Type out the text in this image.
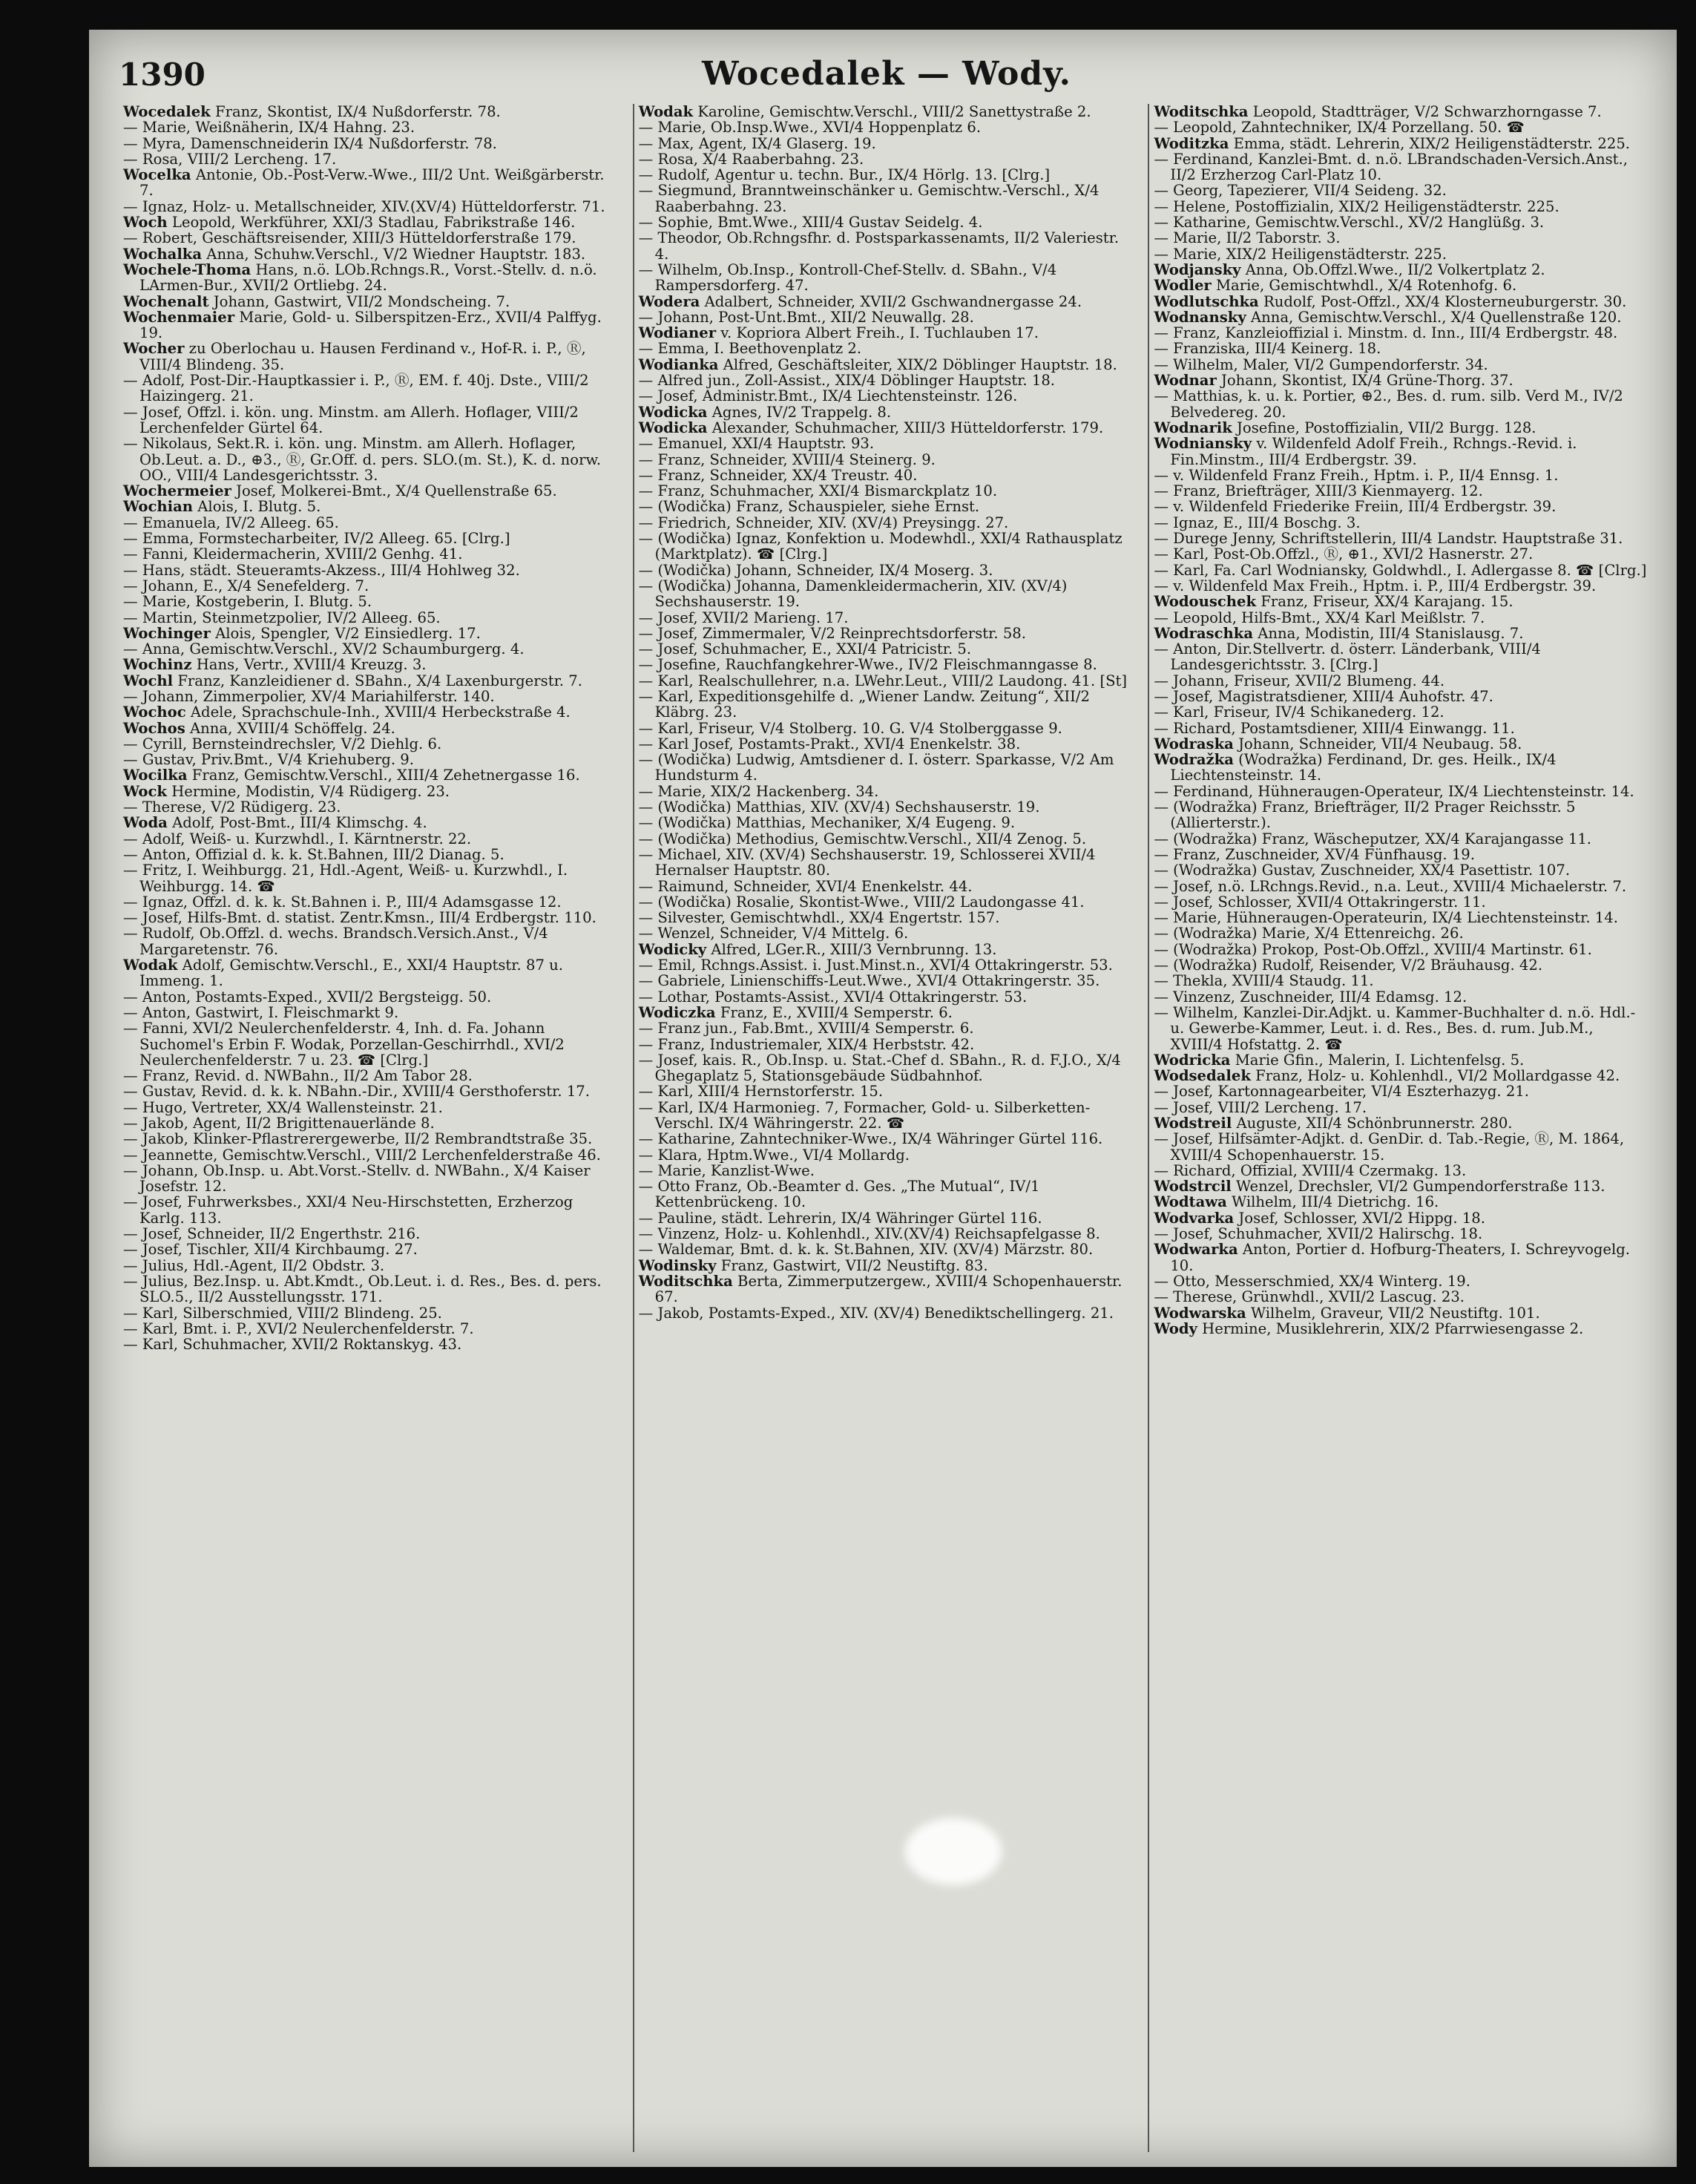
1390	Wocedalek — Wody.
Wocedalek Franz, Skontist, IX/4 Nußdorferstr. 78.
— Marie, Weißnäherin, IX/4 Hahng. 23.
— Myra, Damenschneiderin IX/4 Nußdorferstr. 78.
— Rosa, VIII/2 Lercheng. 17.
Wocelka Antonie, Ob.-Post-Verw.-Wwe., III/2 Unt. Weißgärberstr. 7.
— Ignaz, Holz- u. Metallschneider, XIV.(XV/4) Hütteldorferstr. 71.
Woch Leopold, Werkführer, XXI/3 Stadlau, Fabrikstraße 146.
— Robert, Geschäftsreisender, XIII/3 Hütteldorferstraße 179.
Wochalka Anna, Schuhw.Verschl., V/2 Wiedner Hauptstr. 183.
Wochele-Thoma Hans, n.ö. LOb.Rchngs.R., Vorst.-Stellv. d. n.ö. LArmen-Bur., XVII/2 Ortliebg. 24.
Wochenalt Johann, Gastwirt, VII/2 Mondscheing. 7.
Wochenmaier Marie, Gold- u. Silberspitzen-Erz., XVII/4 Palffyg. 19.
Wocher zu Oberlochau u. Hausen Ferdinand v., Hof-R. i. P., Ⓡ, VIII/4 Blindeng. 35.
— Adolf, Post-Dir.-Hauptkassier i. P., Ⓡ, EM. f. 40j. Dste., VIII/2 Haizingerg. 21.
— Josef, Offzl. i. kön. ung. Minstm. am Allerh. Hoflager, VIII/2 Lerchenfelder Gürtel 64.
— Nikolaus, Sekt.R. i. kön. ung. Minstm. am Allerh. Hoflager, Ob.Leut. a. D., ⊕3., Ⓡ, Gr.Off. d. pers. SLO.(m. St.), K. d. norw. OO., VIII/4 Landesgerichtsstr. 3.
Wochermeier Josef, Molkerei-Bmt., X/4 Quellenstraße 65.
Wochian Alois, I. Blutg. 5.
— Emanuela, IV/2 Alleeg. 65.
— Emma, Formstecharbeiter, IV/2 Alleeg. 65. [Clrg.]
— Fanni, Kleidermacherin, XVIII/2 Genhg. 41.
— Hans, städt. Steueramts-Akzess., III/4 Hohlweg 32.
— Johann, E., X/4 Senefelderg. 7.
— Marie, Kostgeberin, I. Blutg. 5.
— Martin, Steinmetzpolier, IV/2 Alleeg. 65.
Wochinger Alois, Spengler, V/2 Einsiedlerg. 17.
— Anna, Gemischtw.Verschl., XV/2 Schaumburgerg. 4.
Wochinz Hans, Vertr., XVIII/4 Kreuzg. 3.
Wochl Franz, Kanzleidiener d. SBahn., X/4 Laxenburgerstr. 7.
— Johann, Zimmerpolier, XV/4 Mariahilferstr. 140.
Wochoc Adele, Sprachschule-Inh., XVIII/4 Herbeckstraße 4.
Wochos Anna, XVIII/4 Schöffelg. 24.
— Cyrill, Bernsteindrechsler, V/2 Diehlg. 6.
— Gustav, Priv.Bmt., V/4 Kriehuberg. 9.
Wocilka Franz, Gemischtw.Verschl., XIII/4 Zehetnergasse 16.
Wock Hermine, Modistin, V/4 Rüdigerg. 23.
— Therese, V/2 Rüdigerg. 23.
Woda Adolf, Post-Bmt., III/4 Klimschg. 4.
— Adolf, Weiß- u. Kurzwhdl., I. Kärntnerstr. 22.
— Anton, Offizial d. k. k. St.Bahnen, III/2 Dianag. 5.
— Fritz, I. Weihburgg. 21, Hdl.-Agent, Weiß- u. Kurzwhdl., I. Weihburgg. 14. ☎
— Ignaz, Offzl. d. k. k. St.Bahnen i. P., III/4 Adamsgasse 12.
— Josef, Hilfs-Bmt. d. statist. Zentr.Kmsn., III/4 Erdbergstr. 110.
— Rudolf, Ob.Offzl. d. wechs. Brandsch.Versich.Anst., V/4 Margaretenstr. 76.
Wodak Adolf, Gemischtw.Verschl., E., XXI/4 Hauptstr. 87 u. Immeng. 1.
— Anton, Postamts-Exped., XVII/2 Bergsteigg. 50.
— Anton, Gastwirt, I. Fleischmarkt 9.
— Fanni, XVI/2 Neulerchenfelderstr. 4, Inh. d. Fa. Johann Suchomel's Erbin F. Wodak, Porzellan-Geschirrhdl., XVI/2 Neulerchenfelderstr. 7 u. 23. ☎ [Clrg.]
— Franz, Revid. d. NWBahn., II/2 Am Tabor 28.
— Gustav, Revid. d. k. k. NBahn.-Dir., XVIII/4 Gersthoferstr. 17.
— Hugo, Vertreter, XX/4 Wallensteinstr. 21.
— Jakob, Agent, II/2 Brigittenauerlände 8.
— Jakob, Klinker-Pflastrerergewerbe, II/2 Rembrandtstraße 35.
— Jeannette, Gemischtw.Verschl., VIII/2 Lerchenfelderstraße 46.
— Johann, Ob.Insp. u. Abt.Vorst.-Stellv. d. NWBahn., X/4 Kaiser Josefstr. 12.
— Josef, Fuhrwerksbes., XXI/4 Neu-Hirschstetten, Erzherzog Karlg. 113.
— Josef, Schneider, II/2 Engerthstr. 216.
— Josef, Tischler, XII/4 Kirchbaumg. 27.
— Julius, Hdl.-Agent, II/2 Obdstr. 3.
— Julius, Bez.Insp. u. Abt.Kmdt., Ob.Leut. i. d. Res., Bes. d. pers. SLO.5., II/2 Ausstellungsstr. 171.
— Karl, Silberschmied, VIII/2 Blindeng. 25.
— Karl, Bmt. i. P., XVI/2 Neulerchenfelderstr. 7.
— Karl, Schuhmacher, XVII/2 Roktanskyg. 43.
Wodak Karoline, Gemischtw.Verschl., VIII/2 Sanettystraße 2.
— Marie, Ob.Insp.Wwe., XVI/4 Hoppenplatz 6.
— Max, Agent, IX/4 Glaserg. 19.
— Rosa, X/4 Raaberbahng. 23.
— Rudolf, Agentur u. techn. Bur., IX/4 Hörlg. 13. [Clrg.]
— Siegmund, Branntweinschänker u. Gemischtw.-Verschl., X/4 Raaberbahng. 23.
— Sophie, Bmt.Wwe., XIII/4 Gustav Seidelg. 4.
— Theodor, Ob.Rchngsfhr. d. Postsparkassenamts, II/2 Valeriestr. 4.
— Wilhelm, Ob.Insp., Kontroll-Chef-Stellv. d. SBahn., V/4 Rampersdorferg. 47.
Wodera Adalbert, Schneider, XVII/2 Gschwandnergasse 24.
— Johann, Post-Unt.Bmt., XII/2 Neuwallg. 28.
Wodianer v. Kopriora Albert Freih., I. Tuchlauben 17.
— Emma, I. Beethovenplatz 2.
Wodianka Alfred, Geschäftsleiter, XIX/2 Döblinger Hauptstr. 18.
— Alfred jun., Zoll-Assist., XIX/4 Döblinger Hauptstr. 18.
— Josef, Administr.Bmt., IX/4 Liechtensteinstr. 126.
Wodicka Agnes, IV/2 Trappelg. 8.
Wodicka Alexander, Schuhmacher, XIII/3 Hütteldorferstr. 179.
— Emanuel, XXI/4 Hauptstr. 93.
— Franz, Schneider, XVIII/4 Steinerg. 9.
— Franz, Schneider, XX/4 Treustr. 40.
— Franz, Schuhmacher, XXI/4 Bismarckplatz 10.
— (Wodička) Franz, Schauspieler, siehe Ernst.
— Friedrich, Schneider, XIV. (XV/4) Preysingg. 27.
— (Wodička) Ignaz, Konfektion u. Modewhdl., XXI/4 Rathausplatz (Marktplatz). ☎ [Clrg.]
— (Wodička) Johann, Schneider, IX/4 Moserg. 3.
— (Wodička) Johanna, Damenkleidermacherin, XIV. (XV/4) Sechshauserstr. 19.
— Josef, XVII/2 Marieng. 17.
— Josef, Zimmermaler, V/2 Reinprechtsdorferstr. 58.
— Josef, Schuhmacher, E., XXI/4 Patricistr. 5.
— Josefine, Rauchfangkehrer-Wwe., IV/2 Fleischmanngasse 8.
— Karl, Realschullehrer, n.a. LWehr.Leut., VIII/2 Laudong. 41. [St]
— Karl, Expeditionsgehilfe d. „Wiener Landw. Zeitung“, XII/2 Kläbrg. 23.
— Karl, Friseur, V/4 Stolberg. 10. G. V/4 Stolberggasse 9.
— Karl Josef, Postamts-Prakt., XVI/4 Enenkelstr. 38.
— (Wodička) Ludwig, Amtsdiener d. I. österr. Sparkasse, V/2 Am Hundsturm 4.
— Marie, XIX/2 Hackenberg. 34.
— (Wodička) Matthias, XIV. (XV/4) Sechshauserstr. 19.
— (Wodička) Matthias, Mechaniker, X/4 Eugeng. 9.
— (Wodička) Methodius, Gemischtw.Verschl., XII/4 Zenog. 5.
— Michael, XIV. (XV/4) Sechshauserstr. 19, Schlosserei XVII/4 Hernalser Hauptstr. 80.
— Raimund, Schneider, XVI/4 Enenkelstr. 44.
— (Wodička) Rosalie, Skontist-Wwe., VIII/2 Laudongasse 41.
— Silvester, Gemischtwhdl., XX/4 Engertstr. 157.
— Wenzel, Schneider, V/4 Mittelg. 6.
Wodicky Alfred, LGer.R., XIII/3 Vernbrunng. 13.
— Emil, Rchngs.Assist. i. Just.Minst.n., XVI/4 Ottakringerstr. 53.
— Gabriele, Linienschiffs-Leut.Wwe., XVI/4 Ottakringerstr. 35.
— Lothar, Postamts-Assist., XVI/4 Ottakringerstr. 53.
Wodiczka Franz, E., XVIII/4 Semperstr. 6.
— Franz jun., Fab.Bmt., XVIII/4 Semperstr. 6.
— Franz, Industriemaler, XIX/4 Herbststr. 42.
— Josef, kais. R., Ob.Insp. u. Stat.-Chef d. SBahn., R. d. F.J.O., X/4 Ghegaplatz 5, Stationsgebäude Südbahnhof.
— Karl, XIII/4 Hernstorferstr. 15.
— Karl, IX/4 Harmonieg. 7, Formacher, Gold- u. Silberketten-Verschl. IX/4 Währingerstr. 22. ☎
— Katharine, Zahntechniker-Wwe., IX/4 Währinger Gürtel 116.
— Klara, Hptm.Wwe., VI/4 Mollardg.
— Marie, Kanzlist-Wwe.
— Otto Franz, Ob.-Beamter d. Ges. „The Mutual“, IV/1 Kettenbrückeng. 10.
— Pauline, städt. Lehrerin, IX/4 Währinger Gürtel 116.
— Vinzenz, Holz- u. Kohlenhdl., XIV.(XV/4) Reichsapfelgasse 8.
— Waldemar, Bmt. d. k. k. St.Bahnen, XIV. (XV/4) Märzstr. 80.
Wodinsky Franz, Gastwirt, VII/2 Neustiftg. 83.
Woditschka Berta, Zimmerputzergew., XVIII/4 Schopenhauerstr. 67.
— Jakob, Postamts-Exped., XIV. (XV/4) Benediktschellingerg. 21.
Woditschka Leopold, Stadtträger, V/2 Schwarzhorngasse 7.
— Leopold, Zahntechniker, IX/4 Porzellang. 50. ☎
Woditzka Emma, städt. Lehrerin, XIX/2 Heiligenstädterstr. 225.
— Ferdinand, Kanzlei-Bmt. d. n.ö. LBrandschaden-Versich.Anst., II/2 Erzherzog Carl-Platz 10.
— Georg, Tapezierer, VII/4 Seideng. 32.
— Helene, Postoffizialin, XIX/2 Heiligenstädterstr. 225.
— Katharine, Gemischtw.Verschl., XV/2 Hanglüßg. 3.
— Marie, II/2 Taborstr. 3.
— Marie, XIX/2 Heiligenstädterstr. 225.
Wodjansky Anna, Ob.Offzl.Wwe., II/2 Volkertplatz 2.
Wodler Marie, Gemischtwhdl., X/4 Rotenhofg. 6.
Wodlutschka Rudolf, Post-Offzl., XX/4 Klosterneuburgerstr. 30.
Wodnansky Anna, Gemischtw.Verschl., X/4 Quellenstraße 120.
— Franz, Kanzleioffizial i. Minstm. d. Inn., III/4 Erdbergstr. 48.
— Franziska, III/4 Keinerg. 18.
— Wilhelm, Maler, VI/2 Gumpendorferstr. 34.
Wodnar Johann, Skontist, IX/4 Grüne-Thorg. 37.
— Matthias, k. u. k. Portier, ⊕2., Bes. d. rum. silb. Verd M., IV/2 Belvedereg. 20.
Wodnarik Josefine, Postoffizialin, VII/2 Burgg. 128.
Wodniansky v. Wildenfeld Adolf Freih., Rchngs.-Revid. i. Fin.Minstm., III/4 Erdbergstr. 39.
— v. Wildenfeld Franz Freih., Hptm. i. P., II/4 Ennsg. 1.
— Franz, Briefträger, XIII/3 Kienmayerg. 12.
— v. Wildenfeld Friederike Freiin, III/4 Erdbergstr. 39.
— Ignaz, E., III/4 Boschg. 3.
— Durege Jenny, Schriftstellerin, III/4 Landstr. Hauptstraße 31.
— Karl, Post-Ob.Offzl., Ⓡ, ⊕1., XVI/2 Hasnerstr. 27.
— Karl, Fa. Carl Wodniansky, Goldwhdl., I. Adlergasse 8. ☎ [Clrg.]
— v. Wildenfeld Max Freih., Hptm. i. P., III/4 Erdbergstr. 39.
Wodouschek Franz, Friseur, XX/4 Karajang. 15.
— Leopold, Hilfs-Bmt., XX/4 Karl Meißlstr. 7.
Wodraschka Anna, Modistin, III/4 Stanislausg. 7.
— Anton, Dir.Stellvertr. d. österr. Länderbank, VIII/4 Landesgerichtsstr. 3. [Clrg.]
— Johann, Friseur, XVII/2 Blumeng. 44.
— Josef, Magistratsdiener, XIII/4 Auhofstr. 47.
— Karl, Friseur, IV/4 Schikanederg. 12.
— Richard, Postamtsdiener, XIII/4 Einwangg. 11.
Wodraska Johann, Schneider, VII/4 Neubaug. 58.
Wodražka (Wodražka) Ferdinand, Dr. ges. Heilk., IX/4 Liechtensteinstr. 14.
— Ferdinand, Hühneraugen-Operateur, IX/4 Liechtensteinstr. 14.
— (Wodražka) Franz, Briefträger, II/2 Prager Reichsstr. 5 (Allierterstr.).
— (Wodražka) Franz, Wäscheputzer, XX/4 Karajangasse 11.
— Franz, Zuschneider, XV/4 Fünfhausg. 19.
— (Wodražka) Gustav, Zuschneider, XX/4 Pasettistr. 107.
— Josef, n.ö. LRchngs.Revid., n.a. Leut., XVIII/4 Michaelerstr. 7.
— Josef, Schlosser, XVII/4 Ottakringerstr. 11.
— Marie, Hühneraugen-Operateurin, IX/4 Liechtensteinstr. 14.
— (Wodražka) Marie, X/4 Ettenreichg. 26.
— (Wodražka) Prokop, Post-Ob.Offzl., XVIII/4 Martinstr. 61.
— (Wodražka) Rudolf, Reisender, V/2 Bräuhausg. 42.
— Thekla, XVIII/4 Staudg. 11.
— Vinzenz, Zuschneider, III/4 Edamsg. 12.
— Wilhelm, Kanzlei-Dir.Adjkt. u. Kammer-Buchhalter d. n.ö. Hdl.- u. Gewerbe-Kammer, Leut. i. d. Res., Bes. d. rum. Jub.M., XVIII/4 Hofstattg. 2. ☎
Wodricka Marie Gfin., Malerin, I. Lichtenfelsg. 5.
Wodsedalek Franz, Holz- u. Kohlenhdl., VI/2 Mollardgasse 42.
— Josef, Kartonnagearbeiter, VI/4 Eszterhazyg. 21.
— Josef, VIII/2 Lercheng. 17.
Wodstreil Auguste, XII/4 Schönbrunnerstr. 280.
— Josef, Hilfsämter-Adjkt. d. GenDir. d. Tab.-Regie, Ⓡ, M. 1864, XVIII/4 Schopenhauerstr. 15.
— Richard, Offizial, XVIII/4 Czermakg. 13.
Wodstrcil Wenzel, Drechsler, VI/2 Gumpendorferstraße 113.
Wodtawa Wilhelm, III/4 Dietrichg. 16.
Wodvarka Josef, Schlosser, XVI/2 Hippg. 18.
— Josef, Schuhmacher, XVII/2 Halirschg. 18.
Wodwarka Anton, Portier d. Hofburg-Theaters, I. Schreyvogelg. 10.
— Otto, Messerschmied, XX/4 Winterg. 19.
— Therese, Grünwhdl., XVII/2 Lascug. 23.
Wodwarska Wilhelm, Graveur, VII/2 Neustiftg. 101.
Wody Hermine, Musiklehrerin, XIX/2 Pfarrwiesengasse 2.
